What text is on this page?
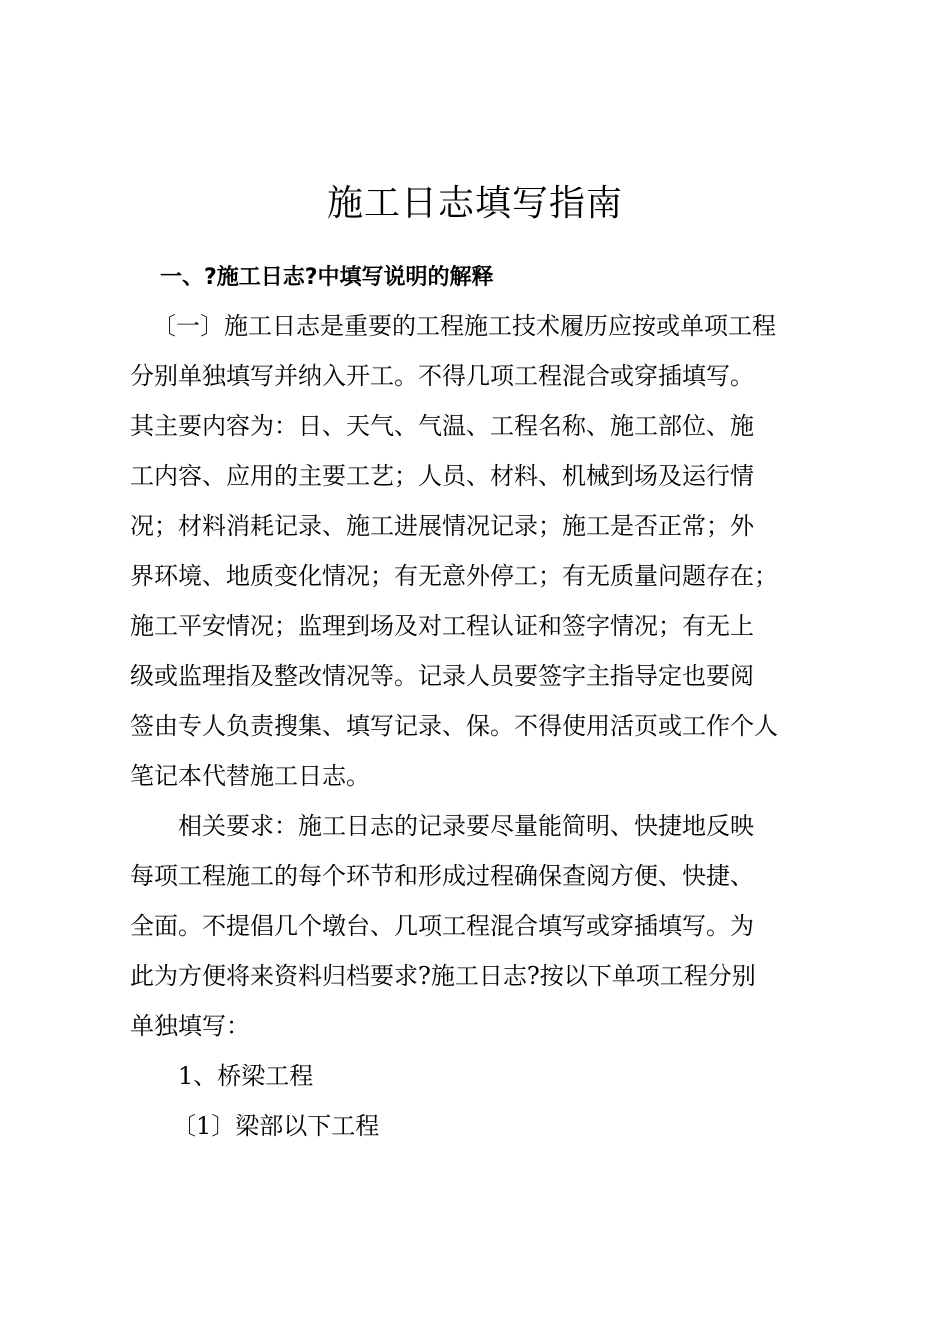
施工日志填写指南
一、?施工日志?中填写说明的解释
〔一〕施工日志是重要的工程施工技术履历应按或单项工程
分别单独填写并纳入开工。不得几项工程混合或穿插填写。
其主要内容为：日、天气、气温、工程名称、施工部位、施
工内容、应用的主要工艺；人员、材料、机械到场及运行情
况；材料消耗记录、施工进展情况记录；施工是否正常；外
界环境、地质变化情况；有无意外停工；有无质量问题存在；
施工平安情况；监理到场及对工程认证和签字情况；有无上
级或监理指及整改情况等。记录人员要签字主指导定也要阅
签由专人负责搜集、填写记录、保。不得使用活页或工作个人
笔记本代替施工日志。
相关要求：施工日志的记录要尽量能简明、快捷地反映
每项工程施工的每个环节和形成过程确保查阅方便、快捷、
全面。不提倡几个墩台、几项工程混合填写或穿插填写。为
此为方便将来资料归档要求?施工日志?按以下单项工程分别
单独填写：
1、桥梁工程
〔1〕梁部以下工程
